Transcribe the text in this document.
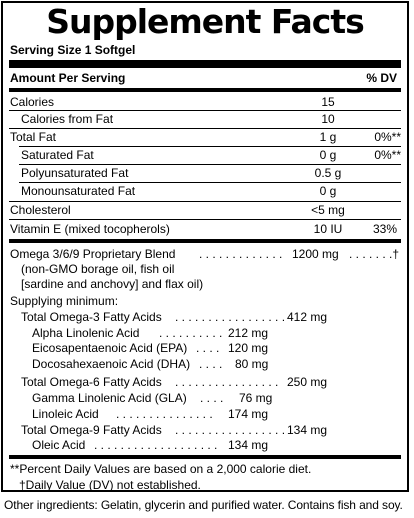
Supplement Facts
Serving Size 1 Softgel
Amount Per Serving	% DV
Calories	15
Calories from Fat	10
Total Fat	1 g	0%**
Saturated Fat	0 g	0%**
Polyunsaturated Fat	0.5 g
Monounsaturated Fat	0 g
Cholesterol	<5 mg
Vitamin E (mixed tocopherols)	10 IU	33%
Omega 3/6/9 Proprietary Blend . . . . . . . . . . . . . 1200 mg . . . . . . .†
(non-GMO borage oil, fish oil
[sardine and anchovy] and flax oil)
Supplying minimum:
Total Omega-3 Fatty Acids . . . . . . . . . . . . . . . . . 412 mg
Alpha Linolenic Acid . . . . . . . . . . 212 mg
Eicosapentaenoic Acid (EPA) . . . . 120 mg
Docosahexaenoic Acid (DHA) . . . . 80 mg
Total Omega-6 Fatty Acids . . . . . . . . . . . . . . . . 250 mg
Gamma Linolenic Acid (GLA) . . . . 76 mg
Linoleic Acid . . . . . . . . . . . . . . . 174 mg
Total Omega-9 Fatty Acids . . . . . . . . . . . . . . . . . 134 mg
Oleic Acid . . . . . . . . . . . . . . . . . . . 134 mg
**Percent Daily Values are based on a 2,000 calorie diet.
†Daily Value (DV) not established.
Other ingredients: Gelatin, glycerin and purified water. Contains fish and soy.
